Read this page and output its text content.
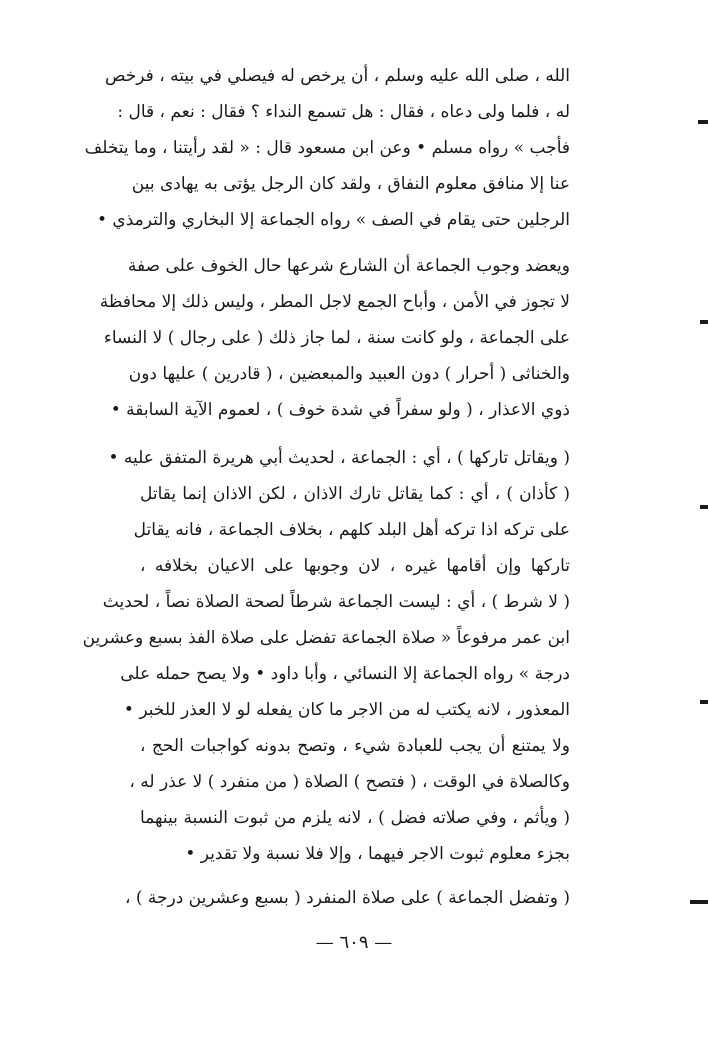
الله ، صلى الله عليه وسلم ، أن يرخص له فيصلي في بيته ، فرخص
له ، فلما ولى دعاه ، فقال : هل تسمع النداء ؟ فقال : نعم ، قال :
فأجب » رواه مسلم • وعن ابن مسعود قال : « لقد رأيتنا ، وما يتخلف
عنا إلا منافق معلوم النفاق ، ولقد كان الرجل يؤتى به يهادى بين
الرجلين حتى يقام في الصف » رواه الجماعة إلا البخاري والترمذي •
ويعضد وجوب الجماعة أن الشارع شرعها حال الخوف على صفة
لا تجوز في الأمن ، وأباح الجمع لاجل المطر ، وليس ذلك إلا محافظة
على الجماعة ، ولو كانت سنة ، لما جاز ذلك ( على رجال ) لا النساء
والخناثى ( أحرار ) دون العبيد والمبعضين ، ( قادرين ) عليها دون
ذوي الاعذار ، ( ولو سفراً في شدة خوف ) ، لعموم الآية السابقة •
( ويقاتل تاركها ) ، أي : الجماعة ، لحديث أبي هريرة المتفق عليه •
( كأذان ) ، أي : كما يقاتل تارك الاذان ، لكن الاذان إنما يقاتل
على تركه اذا تركه أهل البلد كلهم ، بخلاف الجماعة ، فانه يقاتل
تاركها وإن أقامها غيره ، لان وجوبها على الاعيان بخلافه ،
( لا شرط ) ، أي : ليست الجماعة شرطاً لصحة الصلاة نصاً ، لحديث
ابن عمر مرفوعاً « صلاة الجماعة تفضل على صلاة الفذ بسبع وعشرين
درجة » رواه الجماعة إلا النسائي ، وأبا داود • ولا يصح حمله على
المعذور ، لانه يكتب له من الاجر ما كان يفعله لو لا العذر للخبر •
ولا يمتنع أن يجب للعبادة شيء ، وتصح بدونه كواجبات الحج ،
وكالصلاة في الوقت ، ( فتصح ) الصلاة ( من منفرد ) لا عذر له ،
( ويأثم ، وفي صلاته فضل ) ، لانه يلزم من ثبوت النسبة بينهما
بجزء معلوم ثبوت الاجر فيهما ، وإلا فلا نسبة ولا تقدير •
( وتفضل الجماعة ) على صلاة المنفرد ( بسبع وعشرين درجة ) ،
— ٦٠٩ —
